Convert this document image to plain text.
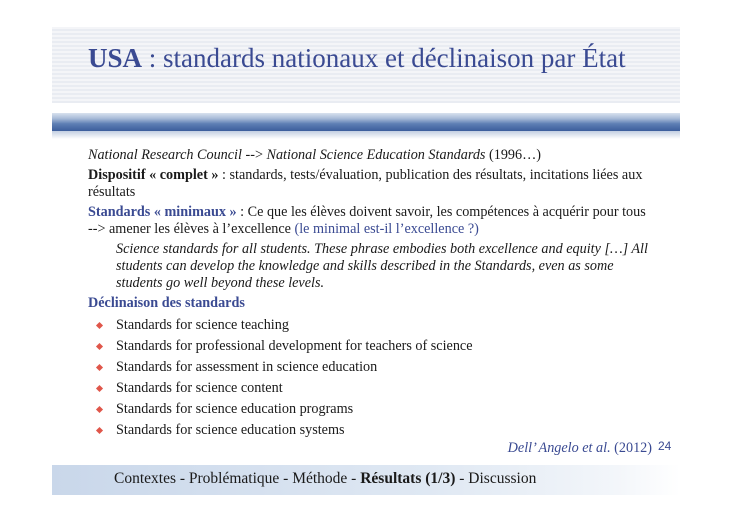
USA : standards nationaux et déclinaison par État

National Research Council --> National Science Education Standards (1996…)

Dispositif « complet » : standards, tests/évaluation, publication des résultats, incitations liées aux résultats

Standards « minimaux » : Ce que les élèves doivent savoir, les compétences à acquérir pour tous --> amener les élèves à l’excellence (le minimal est-il l’excellence ?)

Science standards for all students. These phrase embodies both excellence and equity […] All students can develop the knowledge and skills described in the Standards, even as some students go well beyond these levels.

Déclinaison des standards

Standards for science teaching
Standards for professional development for teachers of science
Standards for assessment in science education
Standards for science content
Standards for science education programs
Standards for science education systems
Dell’ Angelo et al. (2012) 24
Contextes - Problématique - Méthode - Résultats (1/3) - Discussion
